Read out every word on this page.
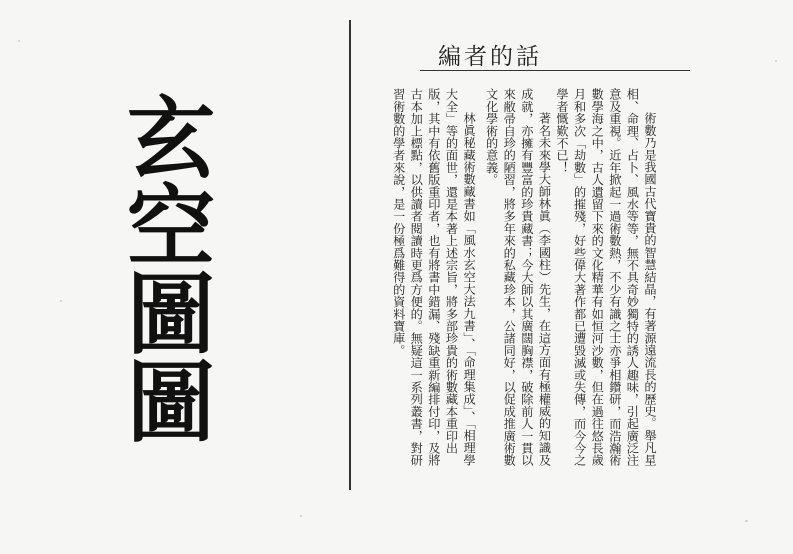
玄空圖圖
編者的話

術數乃是我國古代寶貴的智慧結晶，有著源遠流長的歷史。舉凡星相、命理、占卜、風水等等，無不具奇妙獨特的誘人趣味，引起廣泛注意及重視。近年掀起一過術數熱，不少有識之士亦爭相鑽研，而浩瀚術數學海之中，古人遺留下來的文化精華有如恒河沙數，但在過往悠長歲月和多次「劫數」的摧殘，好些偉大著作都已遭毀滅或失傳，而今今之學者慨歎不已！

著名未來學大師林眞（李國柱）先生，在這方面有極權威的知識及成就，亦擁有豐富的珍貴藏書；今大師以其廣闊胸襟，破除前人一貫以來敝帚自珍的陋習，將多年來的私藏珍本，公諸同好，以促成推廣術數文化學術的意義。

林眞秘藏術數藏書如「風水玄空大法九書」、「命理集成」、「相理學大全」等的面世，還是本著上述宗旨，將多部珍貴的術數藏本重印出版，其中有依舊版重印者，也有將書中錯漏、殘缺重新編排付印，及將古本加上標點，以供讀者閱讀時更爲方便的。無疑這一系列叢書，對研習術數的學者來說，是一份極爲難得的資料寶庫。
